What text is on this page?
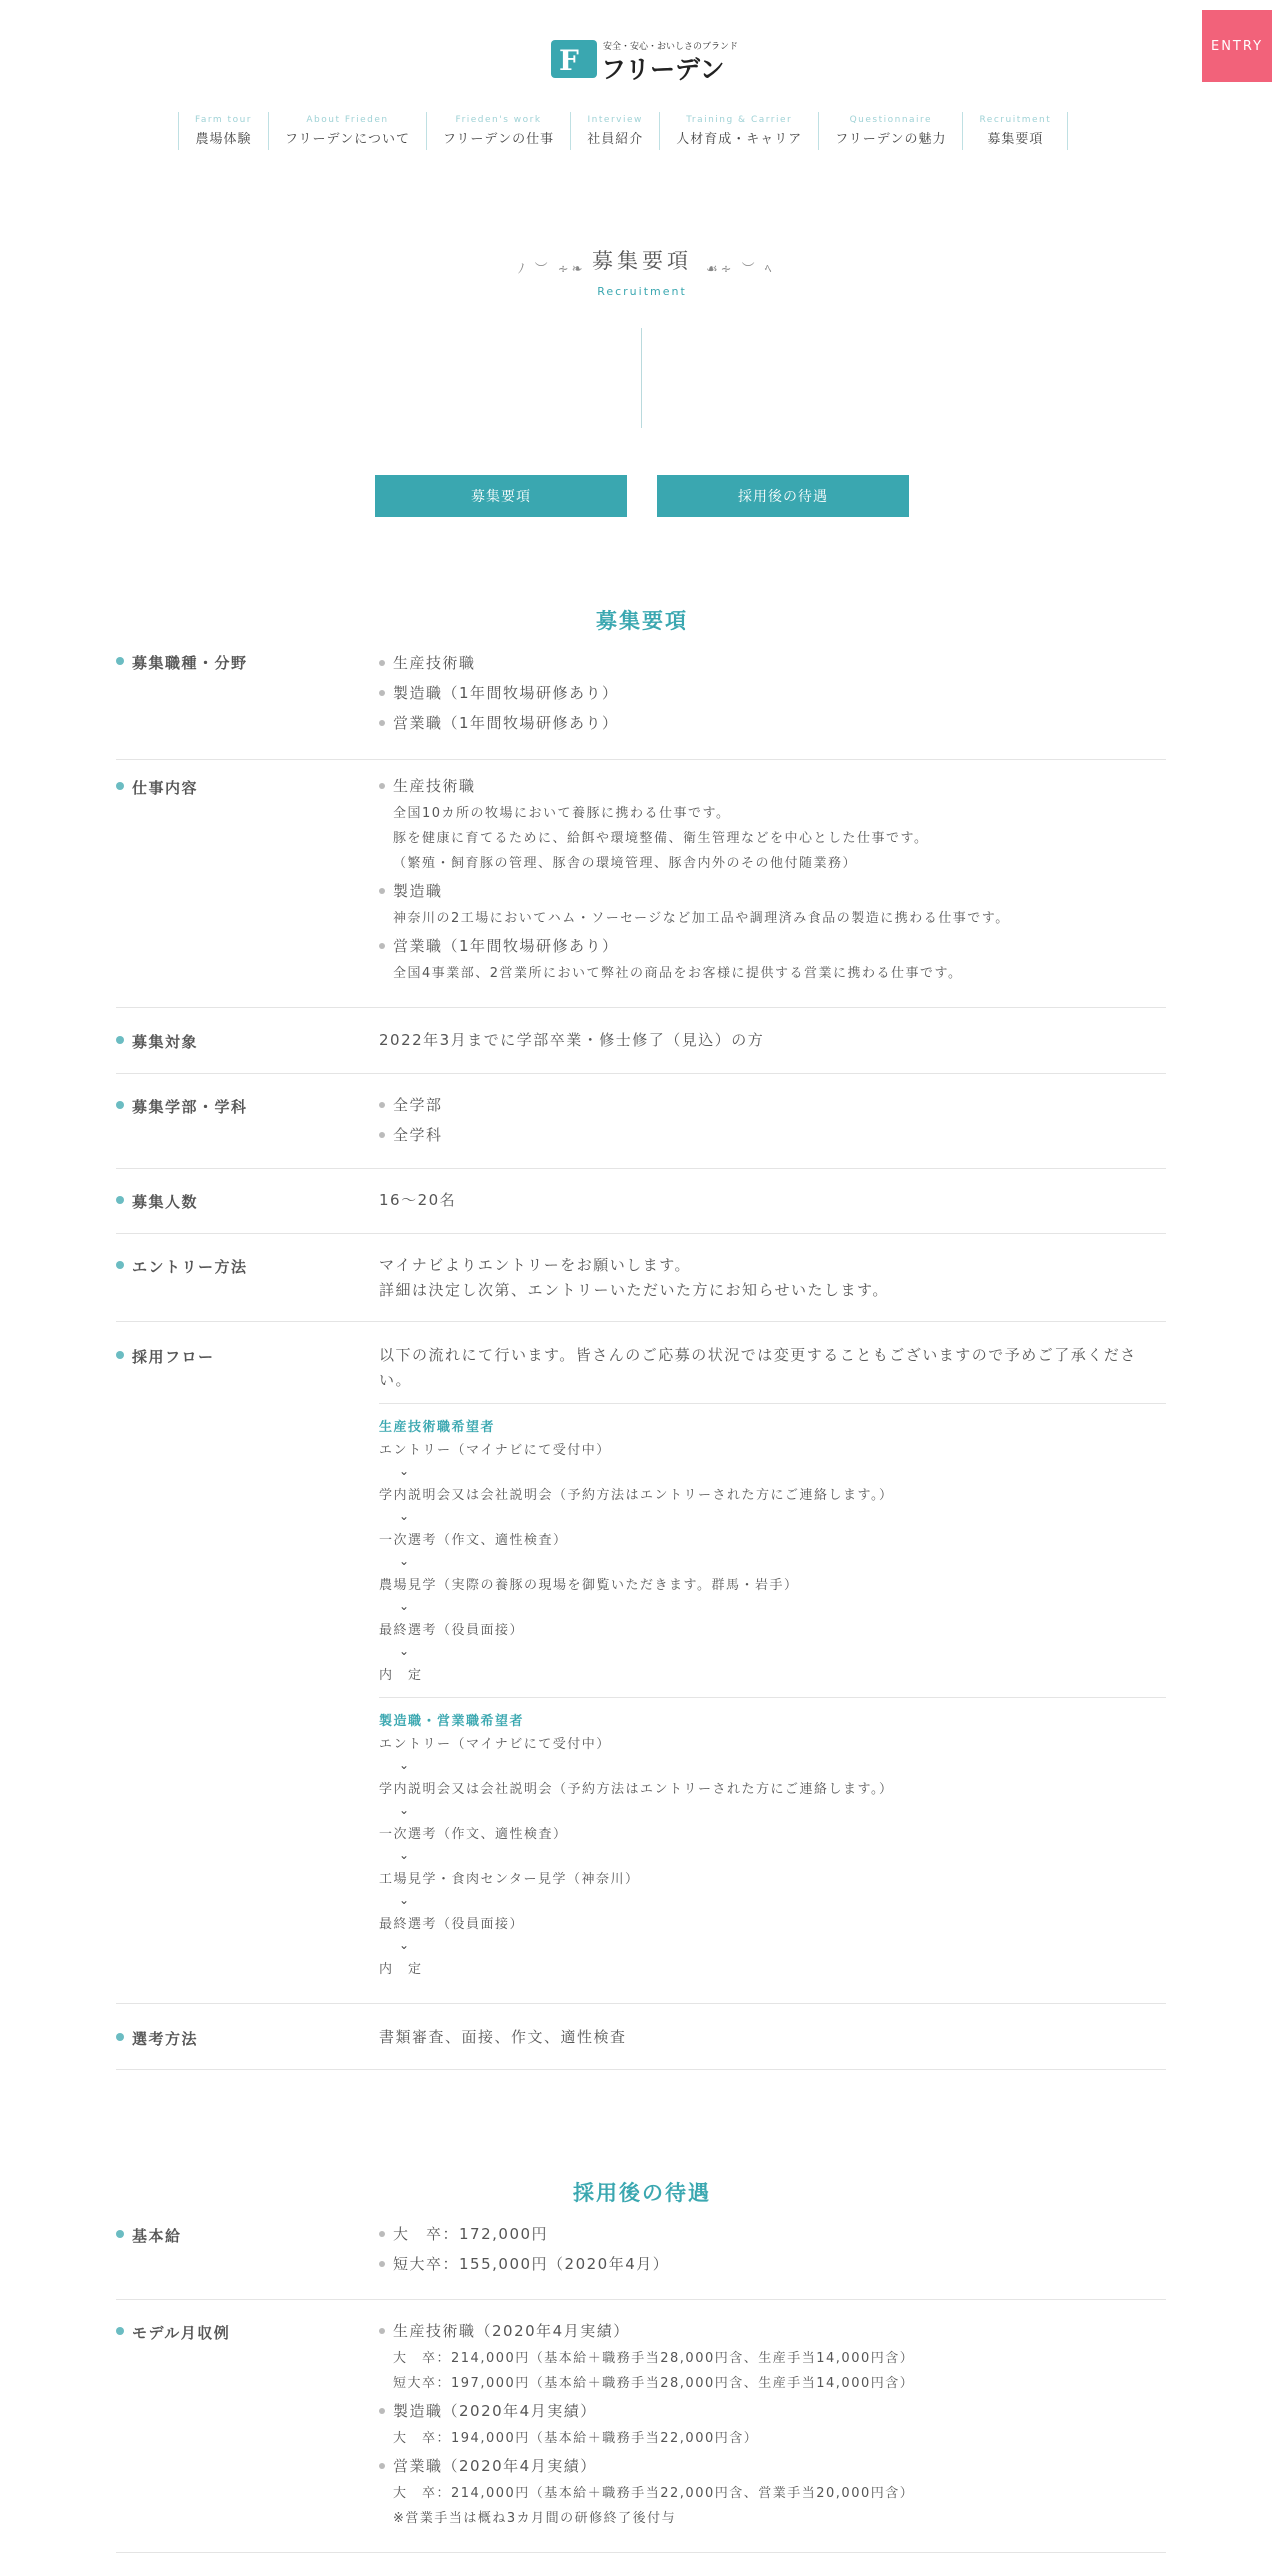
ENTRY
F	安全・安心・おいしさのブランド
フリーデン
Farm tour
農場体験
About Frieden
フリーデンについて
Frieden's work
フリーデンの仕事
Interview
社員紹介
Training & Carrier
人材育成・キャリア
Questionnaire
フリーデンの魅力
Recruitment
募集要項
ﾉ ︶ ∻❧	☙∻ ︶ ﾍ
募集要項
Recruitment
募集要項	採用後の待遇
募集要項
募集職種・分野	生産技術職
製造職（1年間牧場研修あり）
営業職（1年間牧場研修あり）
仕事内容	生産技術職
全国10カ所の牧場において養豚に携わる仕事です。
豚を健康に育てるために、給餌や環境整備、衛生管理などを中心とした仕事です。
（繁殖・飼育豚の管理、豚舎の環境管理、豚舎内外のその他付随業務）
製造職
神奈川の2工場においてハム・ソーセージなど加工品や調理済み食品の製造に携わる仕事です。
営業職（1年間牧場研修あり）
全国4事業部、2営業所において弊社の商品をお客様に提供する営業に携わる仕事です。
募集対象	2022年3月までに学部卒業・修士修了（見込）の方
募集学部・学科	全学部
全学科
募集人数	16～20名
エントリー方法	マイナビよりエントリーをお願いします。
詳細は決定し次第、エントリーいただいた方にお知らせいたします。
採用フロー	以下の流れにて行います。皆さんのご応募の状況では変更することもございますので予めご了承ください。
生産技術職希望者
エントリー（マイナビにて受付中）
⌄
学内説明会又は会社説明会（予約方法はエントリーされた方にご連絡します。）
⌄
一次選考（作文、適性検査）
⌄
農場見学（実際の養豚の現場を御覧いただきます。群馬・岩手）
⌄
最終選考（役員面接）
⌄
内　定
製造職・営業職希望者
エントリー（マイナビにて受付中）
⌄
学内説明会又は会社説明会（予約方法はエントリーされた方にご連絡します。）
⌄
一次選考（作文、適性検査）
⌄
工場見学・食肉センター見学（神奈川）
⌄
最終選考（役員面接）
⌄
内　定
選考方法	書類審査、面接、作文、適性検査
採用後の待遇
基本給	大　卒：172,000円
短大卒：155,000円（2020年4月）
モデル月収例	生産技術職（2020年4月実績）
大　卒：214,000円（基本給＋職務手当28,000円含、生産手当14,000円含）
短大卒：197,000円（基本給＋職務手当28,000円含、生産手当14,000円含）
製造職（2020年4月実績）
大　卒：194,000円（基本給＋職務手当22,000円含）
営業職（2020年4月実績）
大　卒：214,000円（基本給＋職務手当22,000円含、営業手当20,000円含）
※営業手当は概ね3カ月間の研修終了後付与
